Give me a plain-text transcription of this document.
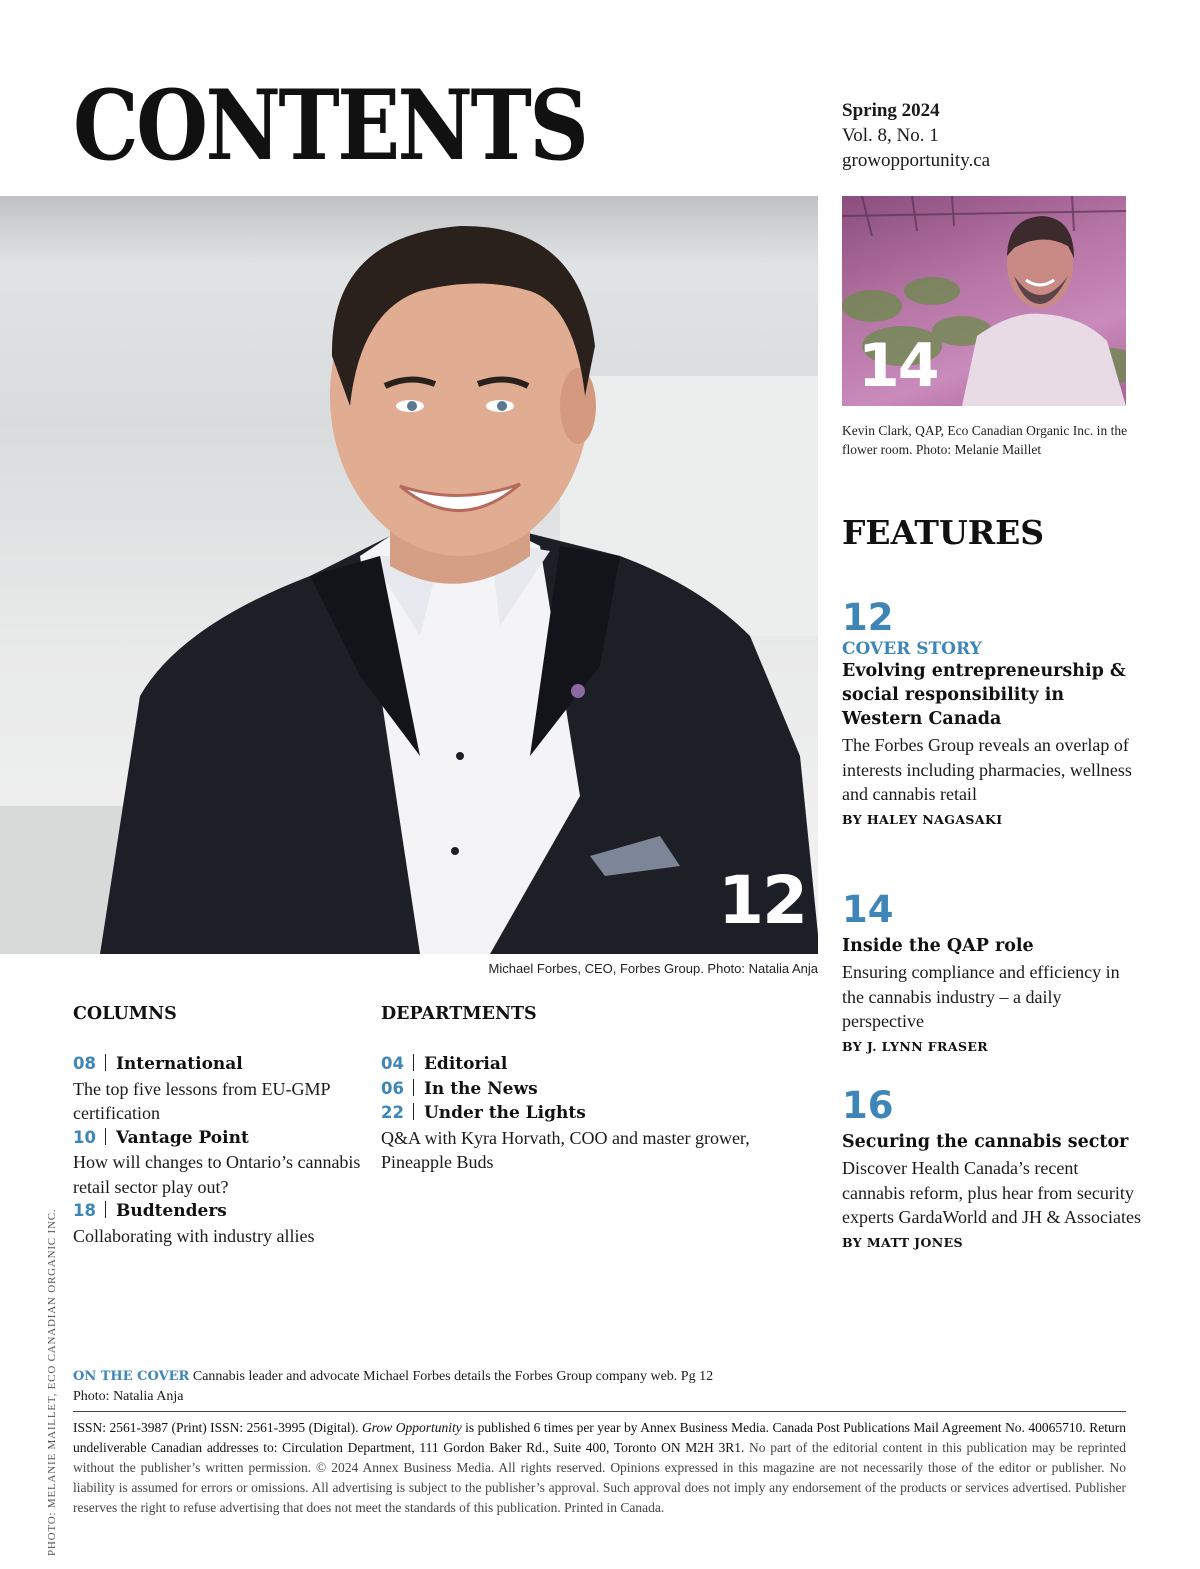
CONTENTS	Spring 2024
Vol. 8, No. 1
growopportunity.ca
12
Michael Forbes, CEO, Forbes Group. Photo: Natalia Anja
14
Kevin Clark, QAP, Eco Canadian Organic Inc. in the flower room. Photo: Melanie Maillet
FEATURES
12
COVER STORY
Evolving entrepreneurship & social responsibility in Western Canada
The Forbes Group reveals an overlap of interests including pharmacies, wellness and cannabis retail
BY HALEY NAGASAKI
14
Inside the QAP role
Ensuring compliance and efficiency in the cannabis industry – a daily perspective
BY J. LYNN FRASER
16
Securing the cannabis sector
Discover Health Canada’s recent cannabis reform, plus hear from security experts GardaWorld and JH & Associates
BY MATT JONES
COLUMNS
08 International
The top five lessons from EU-GMP certification
10 Vantage Point
How will changes to Ontario’s cannabis retail sector play out?
18 Budtenders
Collaborating with industry allies
DEPARTMENTS
04 Editorial
06 In the News
22 Under the Lights
Q&A with Kyra Horvath, COO and master grower, Pineapple Buds
PHOTO: MELANIE MAILLET, ECO CANADIAN ORGANIC INC. ON THE COVER Cannabis leader and advocate Michael Forbes details the Forbes Group company web. Pg 12
Photo: Natalia Anja
ISSN: 2561-3987 (Print) ISSN: 2561-3995 (Digital). Grow Opportunity is published 6 times per year by Annex Business Media. Canada Post Publications Mail Agreement No. 40065710. Return undeliverable Canadian addresses to: Circulation Department, 111 Gordon Baker Rd., Suite 400, Toronto ON M2H 3R1. No part of the editorial content in this publication may be reprinted without the publisher’s written permission. © 2024 Annex Business Media. All rights reserved. Opinions expressed in this magazine are not necessarily those of the editor or publisher. No liability is assumed for errors or omissions. All advertising is subject to the publisher’s approval. Such approval does not imply any endorsement of the products or services advertised. Publisher reserves the right to refuse advertising that does not meet the standards of this publication. Printed in Canada.
